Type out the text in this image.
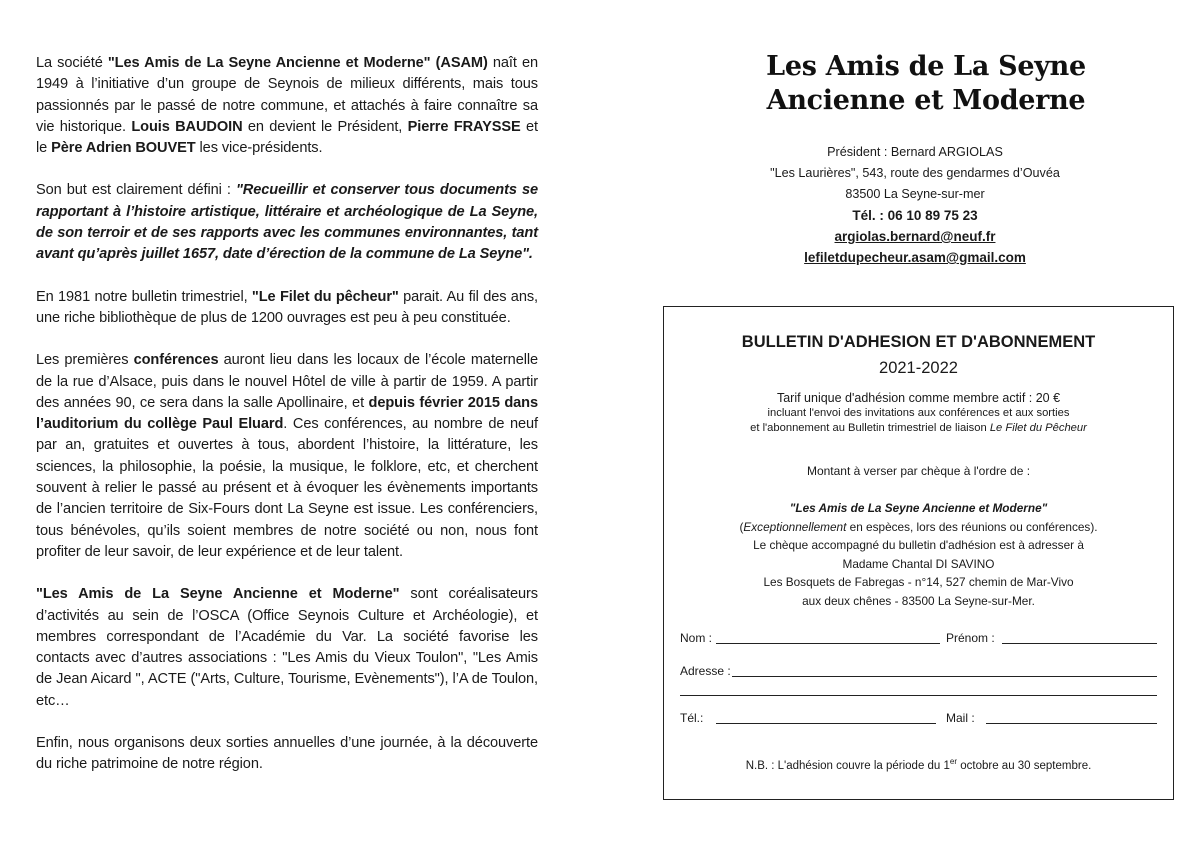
La société "Les Amis de La Seyne Ancienne et Moderne" (ASAM) naît en 1949 à l’initiative d’un groupe de Seynois de milieux différents, mais tous passionnés par le passé de notre commune, et attachés à faire connaître sa vie historique. Louis BAUDOIN en devient le Président, Pierre FRAYSSE et le Père Adrien BOUVET les vice-présidents.

Son but est clairement défini : "Recueillir et conserver tous documents se rapportant à l’histoire artistique, littéraire et archéologique de La Seyne, de son terroir et de ses rapports avec les communes environnantes, tant avant qu’après juillet 1657, date d’érection de la commune de La Seyne".

En 1981 notre bulletin trimestriel, "Le Filet du pêcheur" parait. Au fil des ans, une riche bibliothèque de plus de 1200 ouvrages est peu à peu constituée.

Les premières conférences auront lieu dans les locaux de l’école maternelle de la rue d’Alsace, puis dans le nouvel Hôtel de ville à partir de 1959. A partir des années 90, ce sera dans la salle Apollinaire, et depuis février 2015 dans l’auditorium du collège Paul Eluard. Ces conférences, au nombre de neuf par an, gratuites et ouvertes à tous, abordent l’histoire, la littérature, les sciences, la philosophie, la poésie, la musique, le folklore, etc, et cherchent souvent à relier le passé au présent et à évoquer les évènements importants de l’ancien territoire de Six-Fours dont La Seyne est issue. Les conférenciers, tous bénévoles, qu’ils soient membres de notre société ou non, nous font profiter de leur savoir, de leur expérience et de leur talent.

"Les Amis de La Seyne Ancienne et Moderne" sont coréalisateurs d’activités au sein de l’OSCA (Office Seynois Culture et Archéologie), et membres correspondant de l’Académie du Var. La société favorise les contacts avec d’autres associations : "Les Amis du Vieux Toulon", "Les Amis de Jean Aicard ", ACTE ("Arts, Culture, Tourisme, Evènements"), l’A de Toulon, etc…

Enfin, nous organisons deux sorties annuelles d’une journée, à la découverte du riche patrimoine de notre région.

Les Amis de La Seyne
Ancienne et Moderne
Président : Bernard ARGIOLAS
"Les Laurières", 543, route des gendarmes d’Ouvéa
83500 La Seyne-sur-mer
Tél. : 06 10 89 75 23
argiolas.bernard@neuf.fr
lefiletdupecheur.asam@gmail.com
BULLETIN D'ADHESION ET D'ABONNEMENT
2021-2022
Tarif unique d'adhésion comme membre actif : 20 €
incluant l'envoi des invitations aux conférences et aux sorties
et l'abonnement au Bulletin trimestriel de liaison Le Filet du Pêcheur
Montant à verser par chèque à l'ordre de :
"Les Amis de La Seyne Ancienne et Moderne"
(Exceptionnellement en espèces, lors des réunions ou conférences).
Le chèque accompagné du bulletin d'adhésion est à adresser à
Madame Chantal DI SAVINO
Les Bosquets de Fabregas - n°14, 527 chemin de Mar-Vivo
aux deux chênes - 83500 La Seyne-sur-Mer.
Nom :	Prénom :
Adresse :
Tél.:	Mail :
N.B. : L'adhésion couvre la période du 1er octobre au 30 septembre.
